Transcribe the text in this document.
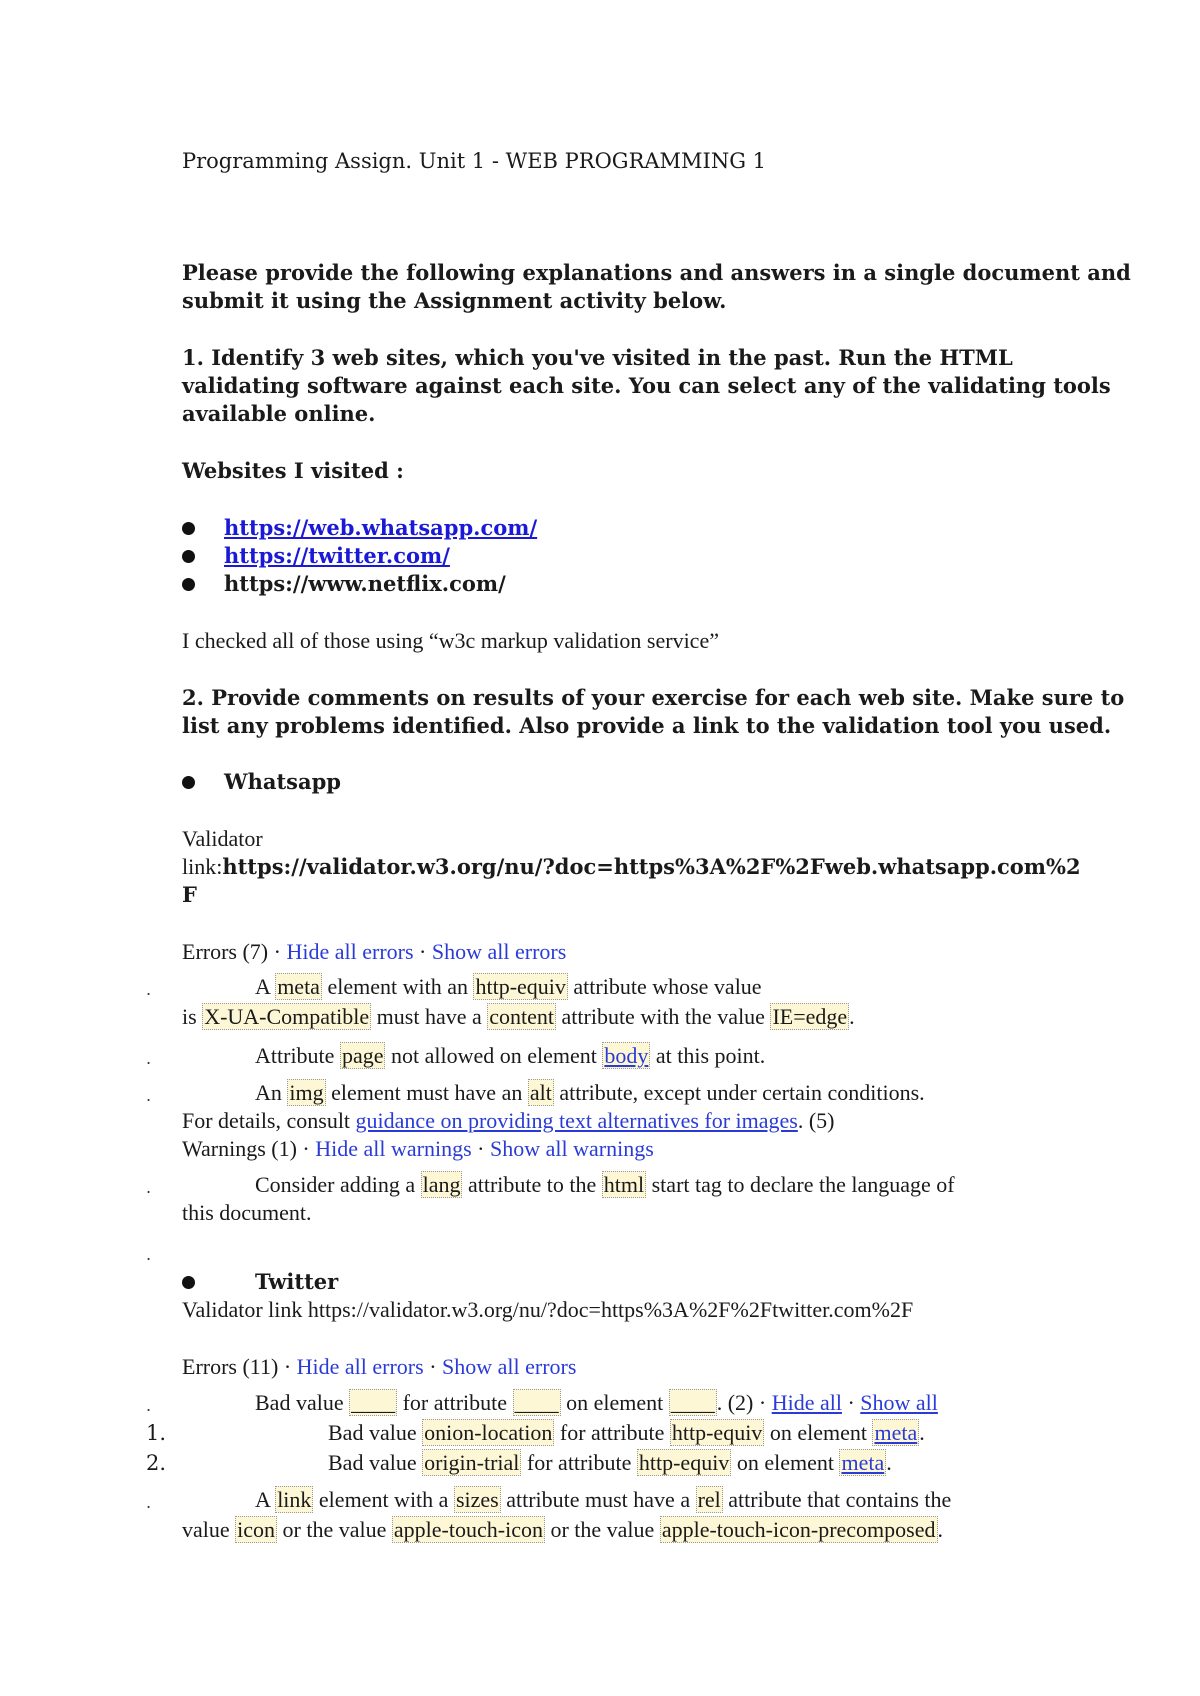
Programming Assign. Unit 1 - WEB PROGRAMMING 1
Please provide the following explanations and answers in a single document and
submit it using the Assignment activity below.
1. Identify 3 web sites, which you've visited in the past. Run the HTML
validating software against each site. You can select any of the validating tools
available online.
Websites I visited :
https://web.whatsapp.com/
https://twitter.com/
https://www.netflix.com/
I checked all of those using “w3c markup validation service”
2. Provide comments on results of your exercise for each web site. Make sure to
list any problems identified. Also provide a link to the validation tool you used.
Whatsapp
Validator
link:https://validator.w3.org/nu/?doc=https%3A%2F%2Fweb.whatsapp.com%2
F
Errors (7) · Hide all errors · Show all errors
.	A meta element with an http-equiv attribute whose value
is X-UA-Compatible must have a content attribute with the value IE=edge.
.	Attribute page not allowed on element body at this point.
.	An img element must have an alt attribute, except under certain conditions.
For details, consult guidance on providing text alternatives for images. (5)
Warnings (1) · Hide all warnings · Show all warnings
.	Consider adding a lang attribute to the html start tag to declare the language of
this document.
.
Twitter
Validator link https://validator.w3.org/nu/?doc=https%3A%2F%2Ftwitter.com%2F
Errors (11) · Hide all errors · Show all errors
.	Bad value ____ for attribute ____ on element ____. (2) · Hide all · Show all
1.	Bad value onion-location for attribute http-equiv on element meta.
2.	Bad value origin-trial for attribute http-equiv on element meta.
.	A link element with a sizes attribute must have a rel attribute that contains the
value icon or the value apple-touch-icon or the value apple-touch-icon-precomposed.
